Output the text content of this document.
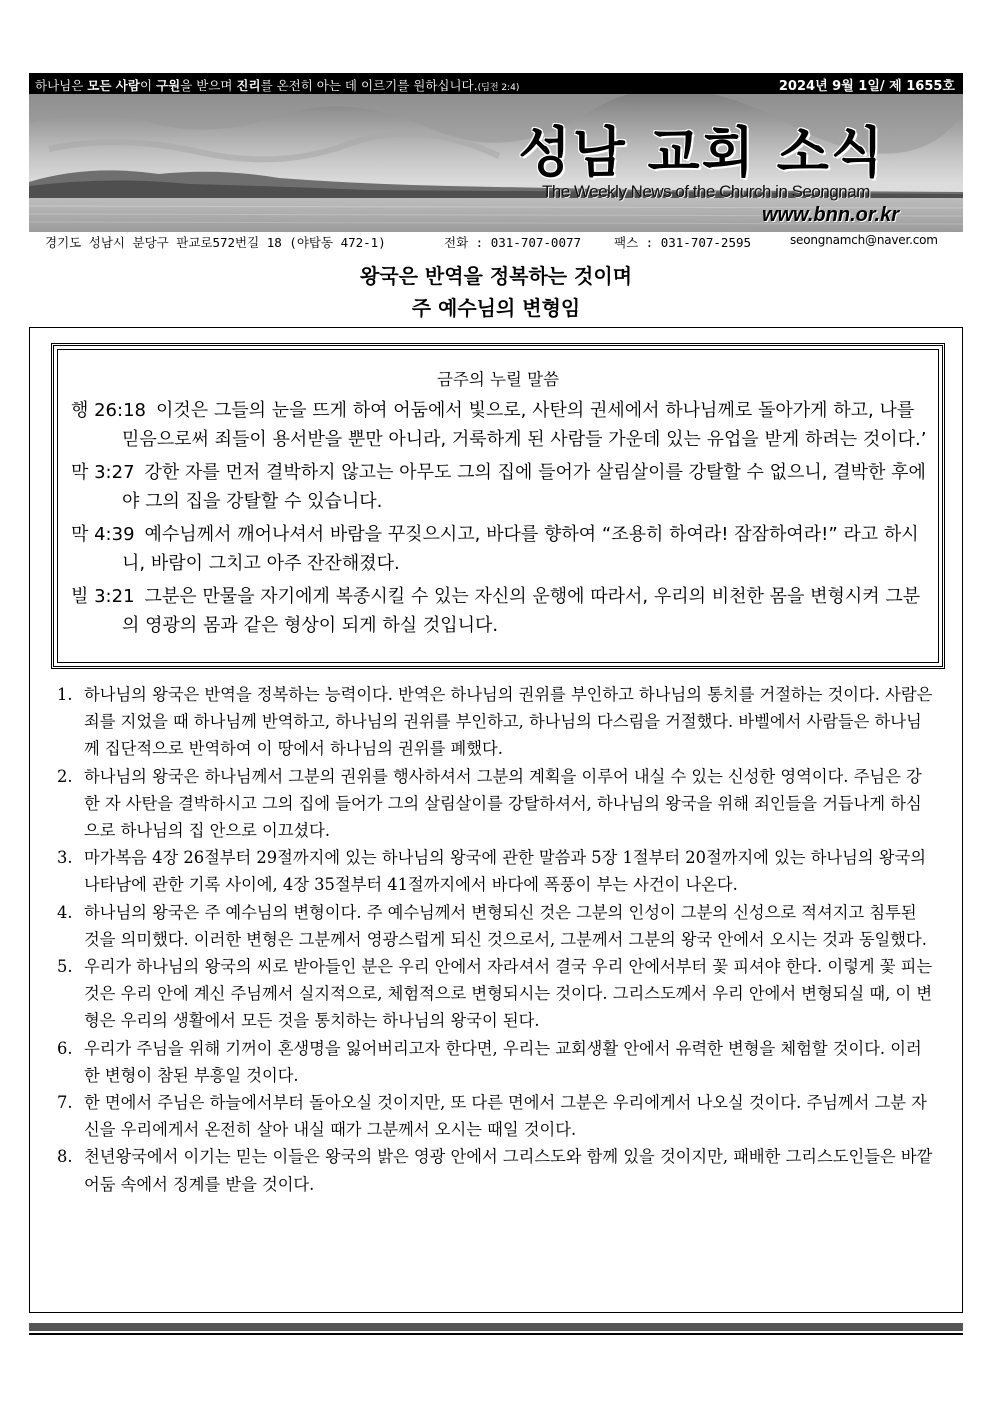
하나님은 모든 사람이 구원을 받으며 진리를 온전히 아는 데 이르기를 원하십니다.(딤전 2:4)	2024년 9월 1일/ 제 1655호
성남 교회 소식
The Weekly News of the Church in Seongnam
www.bnn.or.kr
경기도 성남시 분당구 판교로572번길 18 (야탑동 472-1)	전화 : 031-707-0077	팩스 : 031-707-2595	seongnamch@naver.com
왕국은 반역을 정복하는 것이며
주 예수님의 변형임
금주의 누릴 말씀
행 26:18 이것은 그들의 눈을 뜨게 하여 어둠에서 빛으로, 사탄의 권세에서 하나님께로 돌아가게 하고, 나를 믿음으로써 죄들이 용서받을 뿐만 아니라, 거룩하게 된 사람들 가운데 있는 유업을 받게 하려는 것이다.’
막 3:27 강한 자를 먼저 결박하지 않고는 아무도 그의 집에 들어가 살림살이를 강탈할 수 없으니, 결박한 후에야 그의 집을 강탈할 수 있습니다.
막 4:39 예수님께서 깨어나셔서 바람을 꾸짖으시고, 바다를 향하여 “조용히 하여라! 잠잠하여라!” 라고 하시니, 바람이 그치고 아주 잔잔해졌다.
빌 3:21 그분은 만물을 자기에게 복종시킬 수 있는 자신의 운행에 따라서, 우리의 비천한 몸을 변형시켜 그분의 영광의 몸과 같은 형상이 되게 하실 것입니다.
1. 하나님의 왕국은 반역을 정복하는 능력이다. 반역은 하나님의 권위를 부인하고 하나님의 통치를 거절하는 것이다. 사람은 죄를 지었을 때 하나님께 반역하고, 하나님의 권위를 부인하고, 하나님의 다스림을 거절했다. 바벨에서 사람들은 하나님께 집단적으로 반역하여 이 땅에서 하나님의 권위를 폐했다.
2. 하나님의 왕국은 하나님께서 그분의 권위를 행사하셔서 그분의 계획을 이루어 내실 수 있는 신성한 영역이다. 주님은 강한 자 사탄을 결박하시고 그의 집에 들어가 그의 살림살이를 강탈하셔서, 하나님의 왕국을 위해 죄인들을 거듭나게 하심으로 하나님의 집 안으로 이끄셨다.
3. 마가복음 4장 26절부터 29절까지에 있는 하나님의 왕국에 관한 말씀과 5장 1절부터 20절까지에 있는 하나님의 왕국의 나타남에 관한 기록 사이에, 4장 35절부터 41절까지에서 바다에 폭풍이 부는 사건이 나온다.
4. 하나님의 왕국은 주 예수님의 변형이다. 주 예수님께서 변형되신 것은 그분의 인성이 그분의 신성으로 적셔지고 침투된 것을 의미했다. 이러한 변형은 그분께서 영광스럽게 되신 것으로서, 그분께서 그분의 왕국 안에서 오시는 것과 동일했다.
5. 우리가 하나님의 왕국의 씨로 받아들인 분은 우리 안에서 자라셔서 결국 우리 안에서부터 꽃 피셔야 한다. 이렇게 꽃 피는 것은 우리 안에 계신 주님께서 실지적으로, 체험적으로 변형되시는 것이다. 그리스도께서 우리 안에서 변형되실 때, 이 변형은 우리의 생활에서 모든 것을 통치하는 하나님의 왕국이 된다.
6. 우리가 주님을 위해 기꺼이 혼생명을 잃어버리고자 한다면, 우리는 교회생활 안에서 유력한 변형을 체험할 것이다. 이러한 변형이 참된 부흥일 것이다.
7. 한 면에서 주님은 하늘에서부터 돌아오실 것이지만, 또 다른 면에서 그분은 우리에게서 나오실 것이다. 주님께서 그분 자신을 우리에게서 온전히 살아 내실 때가 그분께서 오시는 때일 것이다.
8. 천년왕국에서 이기는 믿는 이들은 왕국의 밝은 영광 안에서 그리스도와 함께 있을 것이지만, 패배한 그리스도인들은 바깥 어둠 속에서 징계를 받을 것이다.
